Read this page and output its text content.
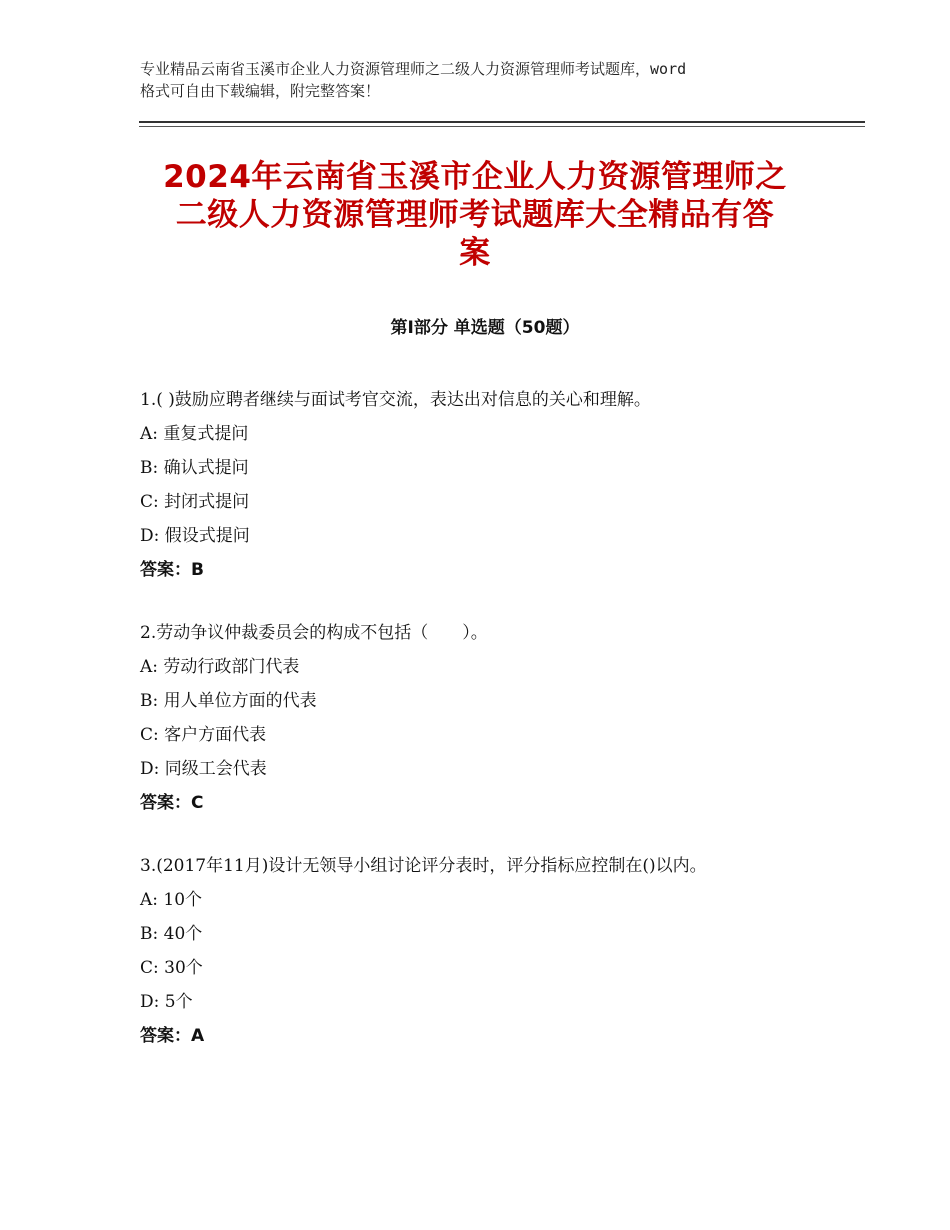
专业精品云南省玉溪市企业人力资源管理师之二级人力资源管理师考试题库，word
格式可自由下载编辑，附完整答案！
2024年云南省玉溪市企业人力资源管理师之
二级人力资源管理师考试题库大全精品有答
案
第Ⅰ部分 单选题（50题）
1.( )鼓励应聘者继续与面试考官交流，表达出对信息的关心和理解。
A: 重复式提问
B: 确认式提问
C: 封闭式提问
D: 假设式提问
答案：B
2.劳动争议仲裁委员会的构成不包括（　　）。
A: 劳动行政部门代表
B: 用人单位方面的代表
C: 客户方面代表
D: 同级工会代表
答案：C
3.(2017年11月)设计无领导小组讨论评分表时，评分指标应控制在()以内。
A: 10个
B: 40个
C: 30个
D: 5个
答案：A
